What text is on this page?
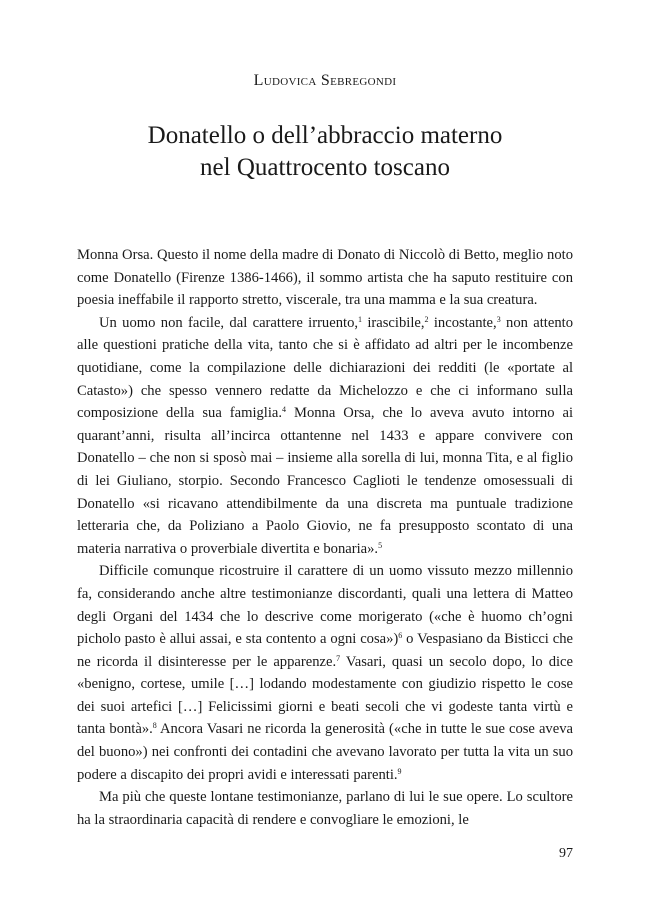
Ludovica Sebregondi
Donatello o dell’abbraccio materno
nel Quattrocento toscano

Monna Orsa. Questo il nome della madre di Donato di Niccolò di Betto, meglio noto come Donatello (Firenze 1386-1466), il sommo artista che ha saputo restituire con poesia ineffabile il rapporto stretto, viscerale, tra una mamma e la sua creatura.

Un uomo non facile, dal carattere irruento,$^1$ irascibile,$^2$ incostante,$^3$ non attento alle questioni pratiche della vita, tanto che si è affidato ad altri per le incombenze quotidiane, come la compilazione delle dichiarazioni dei redditi (le «portate al Catasto») che spesso vennero redatte da Michelozzo e che ci informano sulla composizione della sua famiglia.$^4$ Monna Orsa, che lo aveva avuto intorno ai quarant’anni, risulta all’incirca ottantenne nel 1433 e appare convivere con Donatello – che non si sposò mai – insieme alla sorella di lui, monna Tita, e al figlio di lei Giuliano, storpio. Secondo Francesco Caglioti le tendenze omosessuali di Donatello «si ricavano attendibilmente da una discreta ma puntuale tradizione letteraria che, da Poliziano a Paolo Giovio, ne fa presupposto scontato di una materia narrativa o proverbiale divertita e bonaria».$^5$

Difficile comunque ricostruire il carattere di un uomo vissuto mezzo millennio fa, considerando anche altre testimonianze discordanti, quali una lettera di Matteo degli Organi del 1434 che lo descrive come morigerato («che è huomo ch’ogni picholo pasto è allui assai, e sta contento a ogni cosa»)$^6$ o Vespasiano da Bisticci che ne ricorda il disinteresse per le apparenze.$^7$ Vasari, quasi un secolo dopo, lo dice «benigno, cortese, umile […] lodando modestamente con giudizio rispetto le cose dei suoi artefici […] Felicissimi giorni e beati secoli che vi godeste tanta virtù e tanta bontà».$^8$ Ancora Vasari ne ricorda la generosità («che in tutte le sue cose aveva del buono») nei confronti dei contadini che avevano lavorato per tutta la vita un suo podere a discapito dei propri avidi e interessati parenti.$^9$

Ma più che queste lontane testimonianze, parlano di lui le sue opere. Lo scultore ha la straordinaria capacità di rendere e convogliare le emozioni, le

97
